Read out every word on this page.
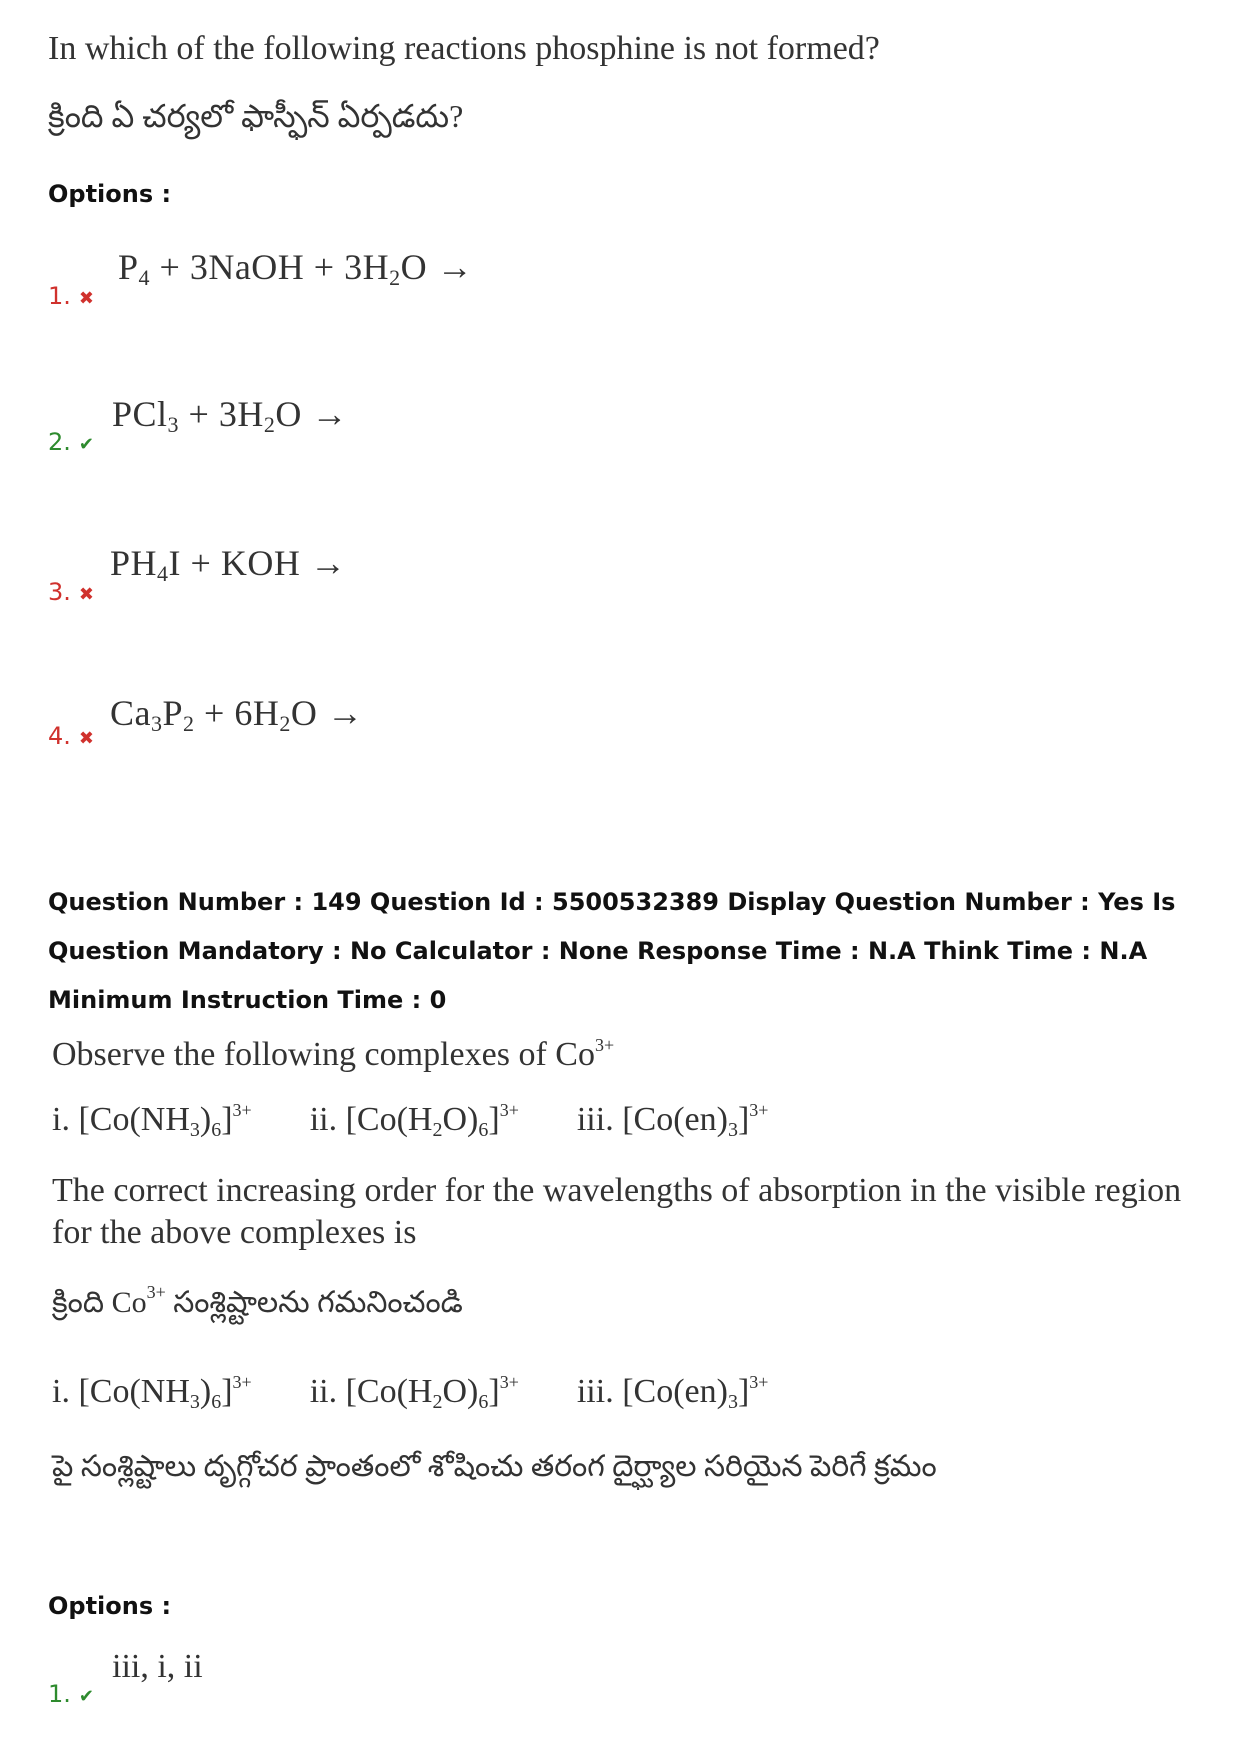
In which of the following reactions phosphine is not formed?
క్రింది ఏ చర్యలో ఫాస్ఫీన్ ఏర్పడదు?
Options :
1. ✖
$P_4$ + 3NaOH + $3H_2O$ →
2. ✔
$PCl_3 + 3H_2O$ →
3. ✖
$PH_4I$ + KOH →
4. ✖
$Ca_3P_2 + 6H_2O$ →
Question Number : 149 Question Id : 5500532389 Display Question Number : Yes Is Question Mandatory : No Calculator : None Response Time : N.A Think Time : N.A Minimum Instruction Time : 0
Observe the following complexes of $Co^{3+}$
i. $[Co(NH_3)_6]^{3+}$ ii. $[Co(H_2O)_6]^{3+}$ iii. $[Co(en)_3]^{3+}$
The correct increasing order for the wavelengths of absorption in the visible region
for the above complexes is
క్రింది $Co^{3+}$ సంశ్లిష్టాలను గమనించండి
i. $[Co(NH_3)_6]^{3+}$ ii. $[Co(H_2O)_6]^{3+}$ iii. $[Co(en)_3]^{3+}$
పై సంశ్లిష్టాలు దృగ్గోచర ప్రాంతంలో శోషించు తరంగ దైర్ఘ్యాల సరియైన పెరిగే క్రమం
Options :
1. ✔
iii, i, ii
